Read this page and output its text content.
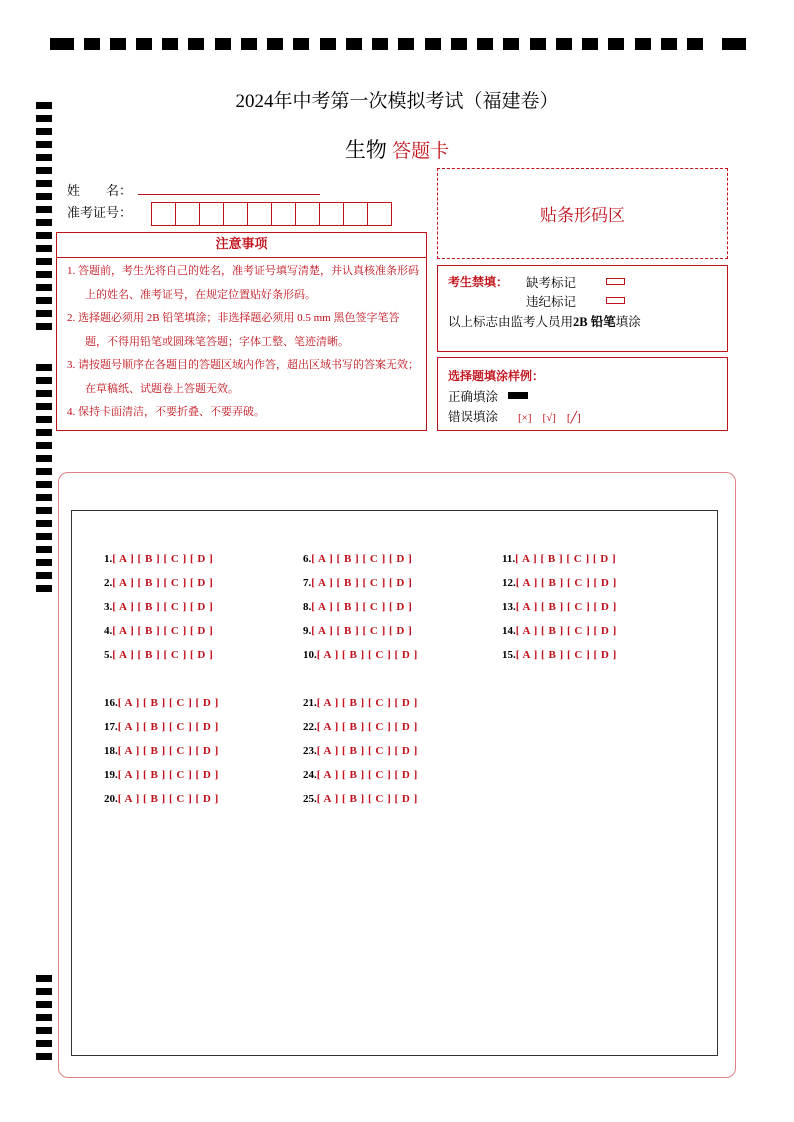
2024年中考第一次模拟考试（福建卷）
生物 答题卡
姓　　名：
准考证号：	贴条形码区
注意事项
1. 答题前，考生先将自己的姓名，准考证号填写清楚，并认真核准条形码上的姓名、准考证号，在规定位置贴好条形码。
2. 选择题必须用 2B 铅笔填涂；非选择题必须用 0.5 mm 黑色签字笔答题，不得用铅笔或圆珠笔答题；字体工整、笔迹清晰。
3. 请按题号顺序在各题目的答题区域内作答，超出区域书写的答案无效；在草稿纸、试题卷上答题无效。
4. 保持卡面清洁，不要折叠、不要弄破。
考生禁填： 缺考标记
违纪标记
以上标志由监考人员用2B 铅笔填涂
选择题填涂样例：
正确填涂
错误填涂 [×]　[√]　[╱]
1.[ A ] [ B ] [ C ] [ D ]
2.[ A ] [ B ] [ C ] [ D ]
3.[ A ] [ B ] [ C ] [ D ]
4.[ A ] [ B ] [ C ] [ D ]
5.[ A ] [ B ] [ C ] [ D ]
6.[ A ] [ B ] [ C ] [ D ]
7.[ A ] [ B ] [ C ] [ D ]
8.[ A ] [ B ] [ C ] [ D ]
9.[ A ] [ B ] [ C ] [ D ]
10.[ A ] [ B ] [ C ] [ D ]
11.[ A ] [ B ] [ C ] [ D ]
12.[ A ] [ B ] [ C ] [ D ]
13.[ A ] [ B ] [ C ] [ D ]
14.[ A ] [ B ] [ C ] [ D ]
15.[ A ] [ B ] [ C ] [ D ]
16.[ A ] [ B ] [ C ] [ D ]
17.[ A ] [ B ] [ C ] [ D ]
18.[ A ] [ B ] [ C ] [ D ]
19.[ A ] [ B ] [ C ] [ D ]
20.[ A ] [ B ] [ C ] [ D ]
21.[ A ] [ B ] [ C ] [ D ]
22.[ A ] [ B ] [ C ] [ D ]
23.[ A ] [ B ] [ C ] [ D ]
24.[ A ] [ B ] [ C ] [ D ]
25.[ A ] [ B ] [ C ] [ D ]
